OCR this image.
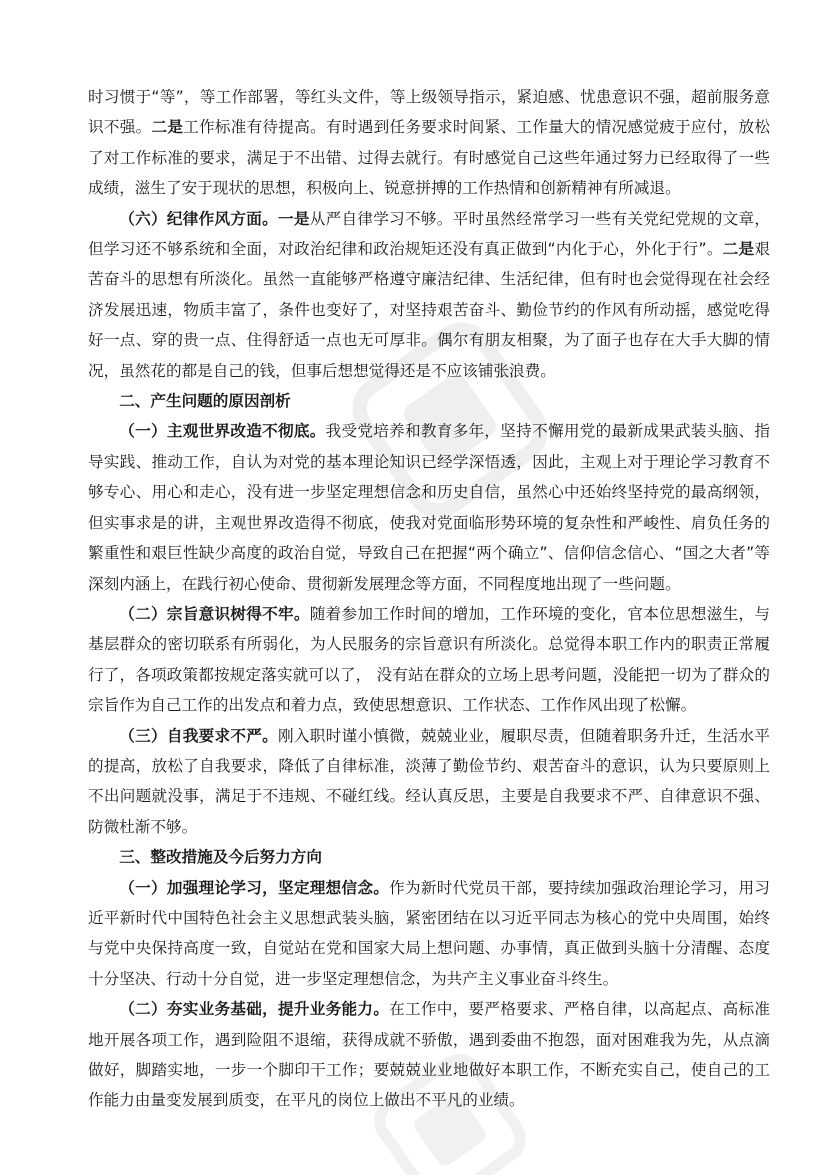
时习惯于“等”，等工作部署，等红头文件，等上级领导指示，紧迫感、忧患意识不强，超前服务意识不强。二是工作标准有待提高。有时遇到任务要求时间紧、工作量大的情况感觉疲于应付，放松了对工作标准的要求，满足于不出错、过得去就行。有时感觉自己这些年通过努力已经取得了一些成绩，滋生了安于现状的思想，积极向上、锐意拼搏的工作热情和创新精神有所减退。

（六）纪律作风方面。一是从严自律学习不够。平时虽然经常学习一些有关党纪党规的文章，但学习还不够系统和全面，对政治纪律和政治规矩还没有真正做到“内化于心，外化于行”。二是艰苦奋斗的思想有所淡化。虽然一直能够严格遵守廉洁纪律、生活纪律，但有时也会觉得现在社会经济发展迅速，物质丰富了，条件也变好了，对坚持艰苦奋斗、勤俭节约的作风有所动摇，感觉吃得好一点、穿的贵一点、住得舒适一点也无可厚非。偶尔有朋友相聚，为了面子也存在大手大脚的情况，虽然花的都是自己的钱，但事后想想觉得还是不应该铺张浪费。

二、产生问题的原因剖析

（一）主观世界改造不彻底。我受党培养和教育多年，坚持不懈用党的最新成果武装头脑、指导实践、推动工作，自认为对党的基本理论知识已经学深悟透，因此，主观上对于理论学习教育不够专心、用心和走心，没有进一步坚定理想信念和历史自信，虽然心中还始终坚持党的最高纲领，但实事求是的讲，主观世界改造得不彻底，使我对党面临形势环境的复杂性和严峻性、肩负任务的繁重性和艰巨性缺少高度的政治自觉，导致自己在把握“两个确立”、信仰信念信心、“国之大者”等深刻内涵上，在践行初心使命、贯彻新发展理念等方面，不同程度地出现了一些问题。

（二）宗旨意识树得不牢。随着参加工作时间的增加，工作环境的变化，官本位思想滋生，与基层群众的密切联系有所弱化，为人民服务的宗旨意识有所淡化。总觉得本职工作内的职责正常履行了，各项政策都按规定落实就可以了， 没有站在群众的立场上思考问题，没能把一切为了群众的宗旨作为自己工作的出发点和着力点，致使思想意识、工作状态、工作作风出现了松懈。

（三）自我要求不严。刚入职时谨小慎微，兢兢业业，履职尽责，但随着职务升迁，生活水平的提高，放松了自我要求，降低了自律标准，淡薄了勤俭节约、艰苦奋斗的意识，认为只要原则上不出问题就没事，满足于不违规、不碰红线。经认真反思，主要是自我要求不严、自律意识不强、防微杜渐不够。

三、整改措施及今后努力方向

（一）加强理论学习，坚定理想信念。作为新时代党员干部，要持续加强政治理论学习，用习近平新时代中国特色社会主义思想武装头脑，紧密团结在以习近平同志为核心的党中央周围，始终与党中央保持高度一致，自觉站在党和国家大局上想问题、办事情，真正做到头脑十分清醒、态度十分坚决、行动十分自觉，进一步坚定理想信念，为共产主义事业奋斗终生。

（二）夯实业务基础，提升业务能力。在工作中，要严格要求、严格自律，以高起点、高标准地开展各项工作，遇到险阻不退缩，获得成就不骄傲，遇到委曲不抱怨，面对困难我为先，从点滴做好，脚踏实地，一步一个脚印干工作；要兢兢业业地做好本职工作，不断充实自己，使自己的工作能力由量变发展到质变，在平凡的岗位上做出不平凡的业绩。
